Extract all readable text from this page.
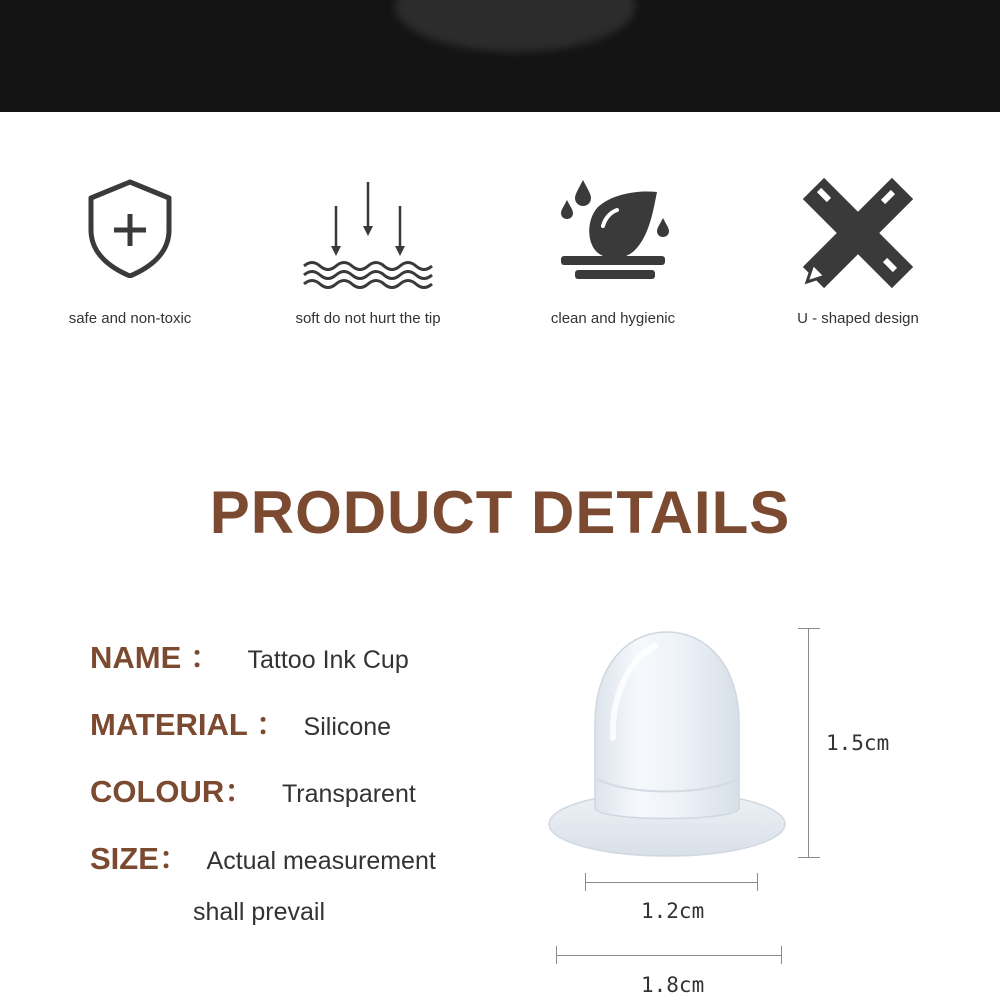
safe and non-toxic	soft do not hurt the tip	clean and hygienic	U - shaped design
PRODUCT DETAILS
NAME ： Tattoo Ink Cup
MATERIAL ： Silicone
COLOUR： Transparent
SIZE： Actual measurement
shall prevail
1.5cm
1.2cm
1.8cm
